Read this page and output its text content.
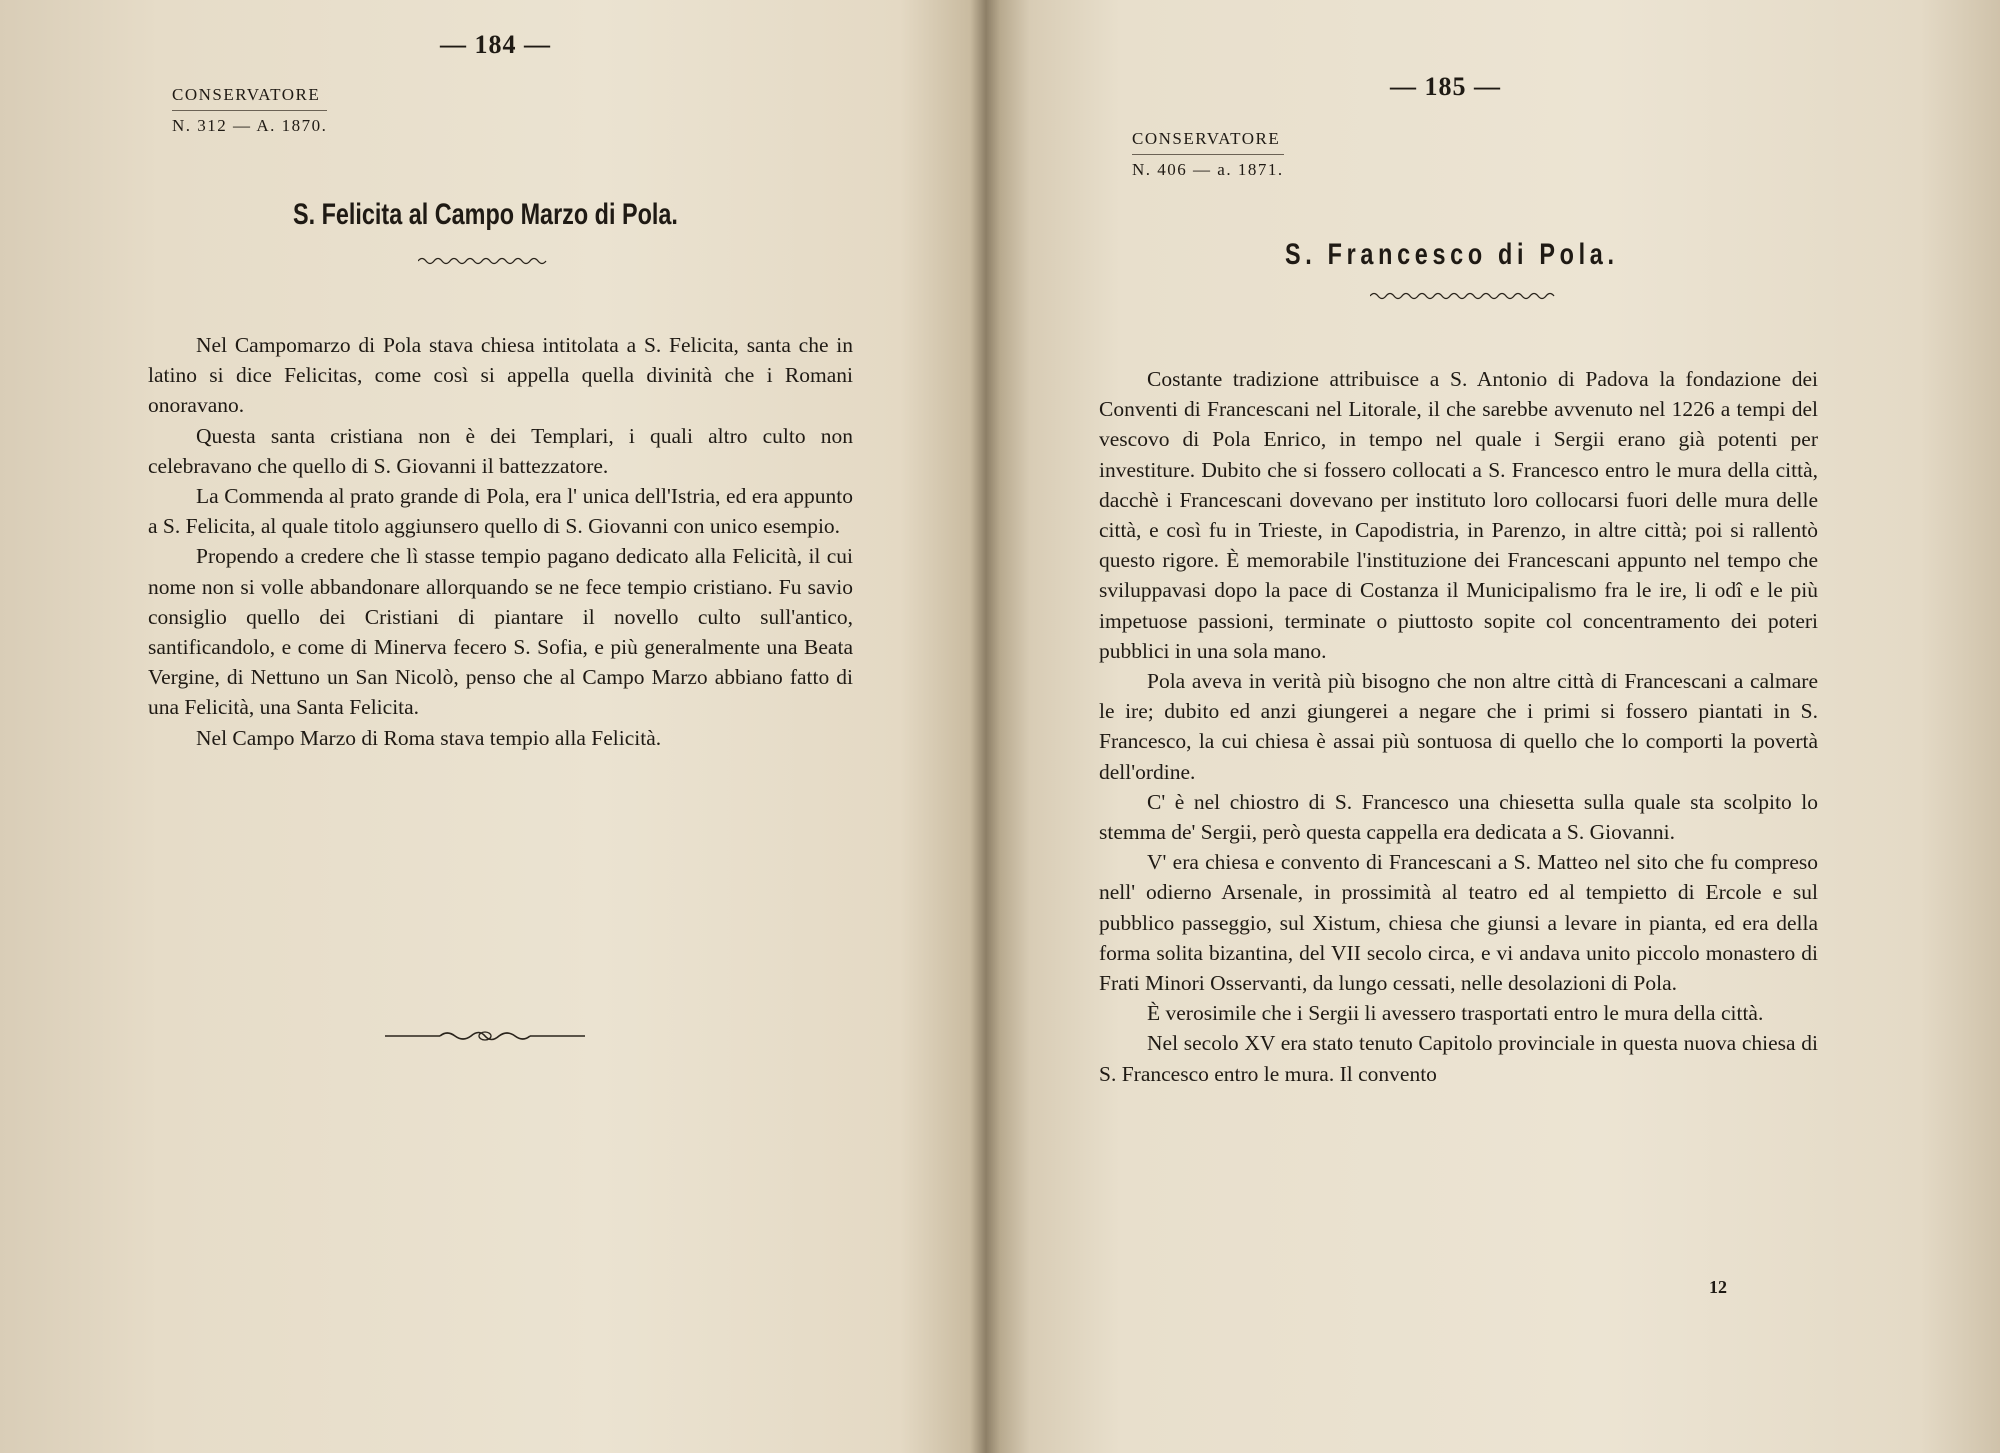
— 184 —
CONSERVATORE
N. 312 — A. 1870.
S. Felicita al Campo Marzo di Pola.

Nel Campomarzo di Pola stava chiesa intitolata a S. Felicita, santa che in latino si dice Felicitas, come così si appella quella divinità che i Romani onoravano.

Questa santa cristiana non è dei Templari, i quali altro culto non celebravano che quello di S. Giovanni il battezzatore.

La Commenda al prato grande di Pola, era l' unica dell'Istria, ed era appunto a S. Felicita, al quale titolo aggiunsero quello di S. Giovanni con unico esempio.

Propendo a credere che lì stasse tempio pagano dedicato alla Felicità, il cui nome non si volle abbandonare allorquando se ne fece tempio cristiano. Fu savio consiglio quello dei Cristiani di piantare il novello culto sull'antico, santificandolo, e come di Minerva fecero S. Sofia, e più generalmente una Beata Vergine, di Nettuno un San Nicolò, penso che al Campo Marzo abbiano fatto di una Felicità, una Santa Felicita.

Nel Campo Marzo di Roma stava tempio alla Felicità.

— 185 —
CONSERVATORE
N. 406 — a. 1871.
S. Francesco di Pola.

Costante tradizione attribuisce a S. Antonio di Padova la fondazione dei Conventi di Francescani nel Litorale, il che sarebbe avvenuto nel 1226 a tempi del vescovo di Pola Enrico, in tempo nel quale i Sergii erano già potenti per investiture. Dubito che si fossero collocati a S. Francesco entro le mura della città, dacchè i Francescani dovevano per instituto loro collocarsi fuori delle mura delle città, e così fu in Trieste, in Capodistria, in Parenzo, in altre città; poi si rallentò questo rigore. È memorabile l'instituzione dei Francescani appunto nel tempo che sviluppavasi dopo la pace di Costanza il Municipalismo fra le ire, li odî e le più impetuose passioni, terminate o piuttosto sopite col concentramento dei poteri pubblici in una sola mano.

Pola aveva in verità più bisogno che non altre città di Francescani a calmare le ire; dubito ed anzi giungerei a negare che i primi si fossero piantati in S. Francesco, la cui chiesa è assai più sontuosa di quello che lo comporti la povertà dell'ordine.

C' è nel chiostro di S. Francesco una chiesetta sulla quale sta scolpito lo stemma de' Sergii, però questa cappella era dedicata a S. Giovanni.

V' era chiesa e convento di Francescani a S. Matteo nel sito che fu compreso nell' odierno Arsenale, in prossimità al teatro ed al tempietto di Ercole e sul pubblico passeggio, sul Xistum, chiesa che giunsi a levare in pianta, ed era della forma solita bizantina, del VII secolo circa, e vi andava unito piccolo monastero di Frati Minori Osservanti, da lungo cessati, nelle desolazioni di Pola.

È verosimile che i Sergii li avessero trasportati entro le mura della città.

Nel secolo XV era stato tenuto Capitolo provinciale in questa nuova chiesa di S. Francesco entro le mura. Il convento

12
